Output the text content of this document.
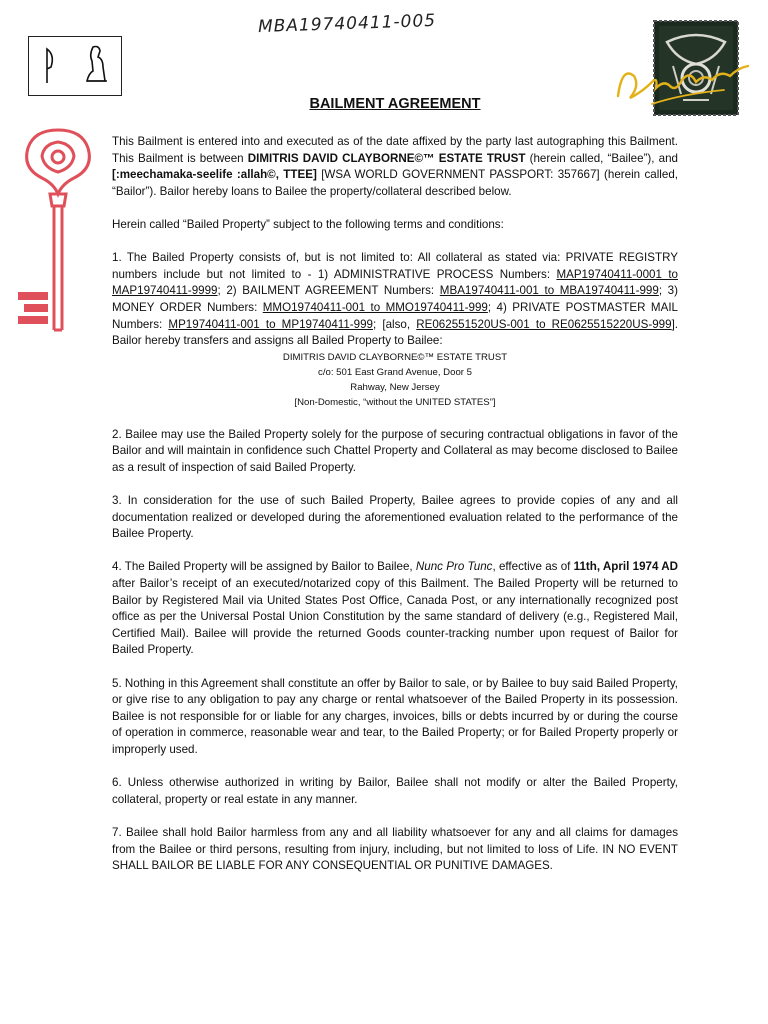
MBA19740411-005
BAILMENT AGREEMENT

This Bailment is entered into and executed as of the date affixed by the party last autographing this Bailment. This Bailment is between DIMITRIS DAVID CLAYBORNE©™ ESTATE TRUST (herein called, “Bailee”), and [:meechamaka-seelife :allah©, TTEE] [WSA WORLD GOVERNMENT PASSPORT: 357667] (herein called, “Bailor”). Bailor hereby loans to Bailee the property/collateral described below.

Herein called “Bailed Property” subject to the following terms and conditions:

1. The Bailed Property consists of, but is not limited to: All collateral as stated via: PRIVATE REGISTRY numbers include but not limited to - 1) ADMINISTRATIVE PROCESS Numbers: MAP19740411-0001 to MAP19740411-9999; 2) BAILMENT AGREEMENT Numbers: MBA19740411-001 to MBA19740411-999; 3) MONEY ORDER Numbers: MMO19740411-001 to MMO19740411-999; 4) PRIVATE POSTMASTER MAIL Numbers: MP19740411-001 to MP19740411-999; [also, RE062551520US-001 to RE0625515220US-999]. Bailor hereby transfers and assigns all Bailed Property to Bailee:

DIMITRIS DAVID CLAYBORNE©™ ESTATE TRUST
c/o: 501 East Grand Avenue, Door 5
Rahway, New Jersey
[Non-Domestic, “without the UNITED STATES”]

2. Bailee may use the Bailed Property solely for the purpose of securing contractual obligations in favor of the Bailor and will maintain in confidence such Chattel Property and Collateral as may become disclosed to Bailee as a result of inspection of said Bailed Property.

3. In consideration for the use of such Bailed Property, Bailee agrees to provide copies of any and all documentation realized or developed during the aforementioned evaluation related to the performance of the Bailee Property.

4. The Bailed Property will be assigned by Bailor to Bailee, Nunc Pro Tunc, effective as of 11th, April 1974 AD after Bailor’s receipt of an executed/notarized copy of this Bailment. The Bailed Property will be returned to Bailor by Registered Mail via United States Post Office, Canada Post, or any internationally recognized post office as per the Universal Postal Union Constitution by the same standard of delivery (e.g., Registered Mail, Certified Mail). Bailee will provide the returned Goods counter-tracking number upon request of Bailor for Bailed Property.

5. Nothing in this Agreement shall constitute an offer by Bailor to sale, or by Bailee to buy said Bailed Property, or give rise to any obligation to pay any charge or rental whatsoever of the Bailed Property in its possession. Bailee is not responsible for or liable for any charges, invoices, bills or debts incurred by or during the course of operation in commerce, reasonable wear and tear, to the Bailed Property; or for Bailed Property properly or improperly used.

6. Unless otherwise authorized in writing by Bailor, Bailee shall not modify or alter the Bailed Property, collateral, property or real estate in any manner.

7. Bailee shall hold Bailor harmless from any and all liability whatsoever for any and all claims for damages from the Bailee or third persons, resulting from injury, including, but not limited to loss of Life. IN NO EVENT SHALL BAILOR BE LIABLE FOR ANY CONSEQUENTIAL OR PUNITIVE DAMAGES.
